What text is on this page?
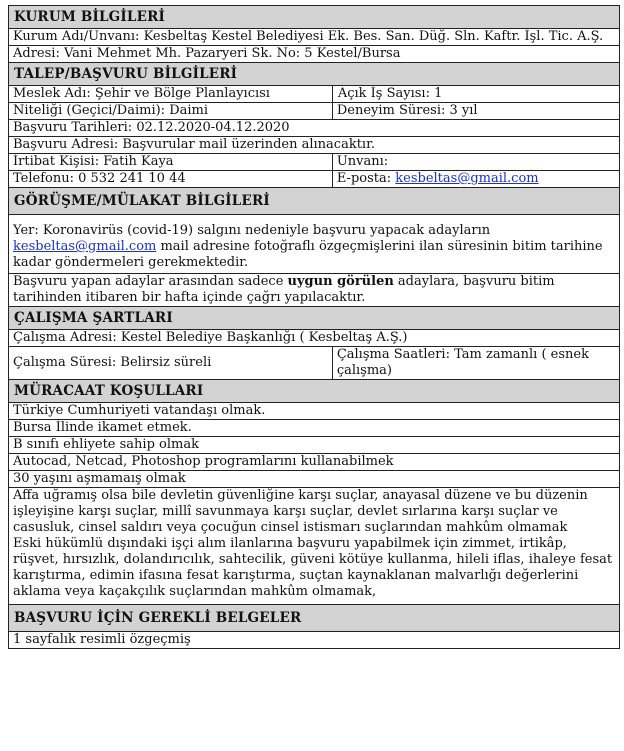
KURUM BİLGİLERİ	
Kurum Adı/Unvanı: Kesbeltaş Kestel Belediyesi Ek. Bes. San. Düğ. Sln. Kaftr. İşl. Tic. A.Ş.	
Adresi: Vani Mehmet Mh. Pazaryeri Sk. No: 5 Kestel/Bursa	
TALEP/BAŞVURU BİLGİLERİ	
Meslek Adı: Şehir ve Bölge Planlayıcısı	Açık İş Sayısı: 1
Niteliği (Geçici/Daimi): Daimi	Deneyim Süresi: 3 yıl
Başvuru Tarihleri: 02.12.2020-04.12.2020	
Başvuru Adresi: Başvurular mail üzerinden alınacaktır.	
İrtibat Kişisi: Fatih Kaya	Unvanı:
Telefonu: 0 532 241 10 44	E-posta: kesbeltas@gmail.com
GÖRÜŞME/MÜLAKAT BİLGİLERİ	
Yer: Koronavirüs (covid-19) salgını nedeniyle başvuru yapacak adayların kesbeltas@gmail.com mail adresine fotoğraflı özgeçmişlerini ilan süresinin bitim tarihine kadar göndermeleri gerekmektedir.	
Başvuru yapan adaylar arasından sadece uygun görülen adaylara, başvuru bitim tarihinden itibaren bir hafta içinde çağrı yapılacaktır.	
ÇALIŞMA ŞARTLARI	
Çalışma Adresi: Kestel Belediye Başkanlığı ( Kesbeltaş A.Ş.)	
Çalışma Süresi: Belirsiz süreli	Çalışma Saatleri: Tam zamanlı ( esnek çalışma)
MÜRACAAT KOŞULLARI	
Türkiye Cumhuriyeti vatandaşı olmak.	
Bursa İlinde ikamet etmek.	
B sınıfı ehliyete sahip olmak	
Autocad, Netcad, Photoshop programlarını kullanabilmek	
30 yaşını aşmamaış olmak	
Affa uğramış olsa bile devletin güvenliğine karşı suçlar, anayasal düzene ve bu düzenin işleyişine karşı suçlar, millî savunmaya karşı suçlar, devlet sırlarına karşı suçlar ve casusluk, cinsel saldırı veya çocuğun cinsel istismarı suçlarından mahkûm olmamak	
Eski hükümlü dışındaki işçi alım ilanlarına başvuru yapabilmek için zimmet, irtikâp, rüşvet, hırsızlık, dolandırıcılık, sahtecilik, güveni kötüye kullanma, hileli iflas, ihaleye fesat karıştırma, edimin ifasına fesat karıştırma, suçtan kaynaklanan malvarlığı değerlerini aklama veya kaçakçılık suçlarından mahkûm olmamak,	
BAŞVURU İÇİN GEREKLİ BELGELER	
1 sayfalık resimli özgeçmiş	
